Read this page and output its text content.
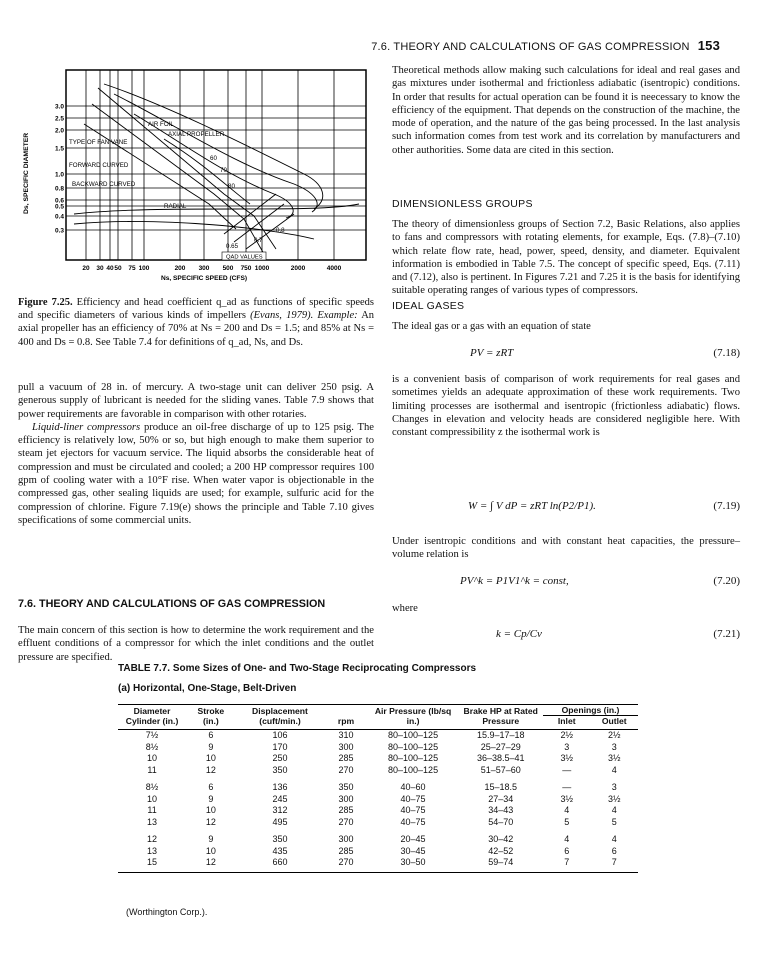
7.6. THEORY AND CALCULATIONS OF GAS COMPRESSION 153
AIR FOIL
AXIAL PROPELLER
TYPE OF FAN VANE
FORWARD CURVED
BACKWARD CURVED
RADIAL
60
70
80
0.65
0.7
0.8
QAD VALUES
3.0
2.5
2.0
1.5
1.0
0.8
0.6
0.5
0.4
0.3
20 30 40 50 75 100	200 300 500 750 1000	2000	4000
Ds, SPECIFIC DIAMETER
Ns, SPECIFIC SPEED (CFS)
Figure 7.25. Efficiency and head coefficient q_ad as functions of specific speeds and specific diameters of various kinds of impellers (Evans, 1979). Example: An axial propeller has an efficiency of 70% at Ns = 200 and Ds = 1.5; and 85% at Ns = 400 and Ds = 0.8. See Table 7.4 for definitions of q_ad, Ns, and Ds.

pull a vacuum of 28 in. of mercury. A two-stage unit can deliver 250 psig. A generous supply of lubricant is needed for the sliding vanes. Table 7.9 shows that power requirements are favorable in comparison with other rotaries.

Liquid-liner compressors produce an oil-free discharge of up to 125 psig. The efficiency is relatively low, 50% or so, but high enough to make them superior to steam jet ejectors for vacuum service. The liquid absorbs the considerable heat of compression and must be circulated and cooled; a 200 HP compressor requires 100 gpm of cooling water with a 10°F rise. When water vapor is objectionable in the compressed gas, other sealing liquids are used; for example, sulfuric acid for the compression of chlorine. Figure 7.19(e) shows the principle and Table 7.10 gives specifications of some commercial units.

7.6. THEORY AND CALCULATIONS OF GAS COMPRESSION
The main concern of this section is how to determine the work requirement and the effluent conditions of a compressor for which the inlet conditions and the outlet pressure are specified.
Theoretical methods allow making such calculations for ideal and real gases and gas mixtures under isothermal and frictionless adiabatic (isentropic) conditions. In order that results for actual operation can be found it is neecessary to know the efficiency of the equipment. That depends on the construction of the machine, the mode of operation, and the nature of the gas being processed. In the last analysis such information comes from test work and its correlation by manufacturers and other authorities. Some data are cited in this section.
DIMENSIONLESS GROUPS
The theory of dimensionless groups of Section 7.2, Basic Relations, also applies to fans and compressors with rotating elements, for example, Eqs. (7.8)–(7.10) which relate flow rate, head, power, speed, density, and diameter. Equivalent information is embodied in Table 7.5. The concept of specific speed, Eqs. (7.11) and (7.12), also is pertinent. In Figures 7.21 and 7.25 it is the basis for identifying suitable operating ranges of various types of compressors.
IDEAL GASES
The ideal gas or a gas with an equation of state
PV = zRT	(7.18)
is a convenient basis of comparison of work requirements for real gases and sometimes yields an adequate approximation of these work requirements. Two limiting processes are isothermal and isentropic (frictionless adiabatic) flows. Changes in elevation and velocity heads are considered negligible here. With constant compressibility z the isothermal work is
W = ∫ V dP = zRT ln(P2/P1).	(7.19)
Under isentropic conditions and with constant heat capacities, the pressure–volume relation is
PV^k = P1V1^k = const,	(7.20)
where
k = Cp/Cv	(7.21)
TABLE 7.7. Some Sizes of One- and Two-Stage Reciprocating Compressors
(a) Horizontal, One-Stage, Belt-Driven
Diameter Cylinder (in.)	Stroke (in.)	Displacement (cuft/min.)	rpm	Air Pressure (lb/sq in.)	Brake HP at Rated Pressure	Openings (in.)	
						Inlet	Outlet

7½	6	106	310	80–100–125	15.9–17–18	2½	2½
8½	9	170	300	80–100–125	25–27–29	3	3
10	10	250	285	80–100–125	36–38.5–41	3½	3½
11	12	350	270	80–100–125	51–57–60	—	4

8½	6	136	350	40–60	15–18.5	—	3
10	9	245	300	40–75	27–34	3½	3½
11	10	312	285	40–75	34–43	4	4
13	12	495	270	40–75	54–70	5	5

12	9	350	300	20–45	30–42	4	4
13	10	435	285	30–45	42–52	6	6
15	12	660	270	30–50	59–74	7	7
(Worthington Corp.).
